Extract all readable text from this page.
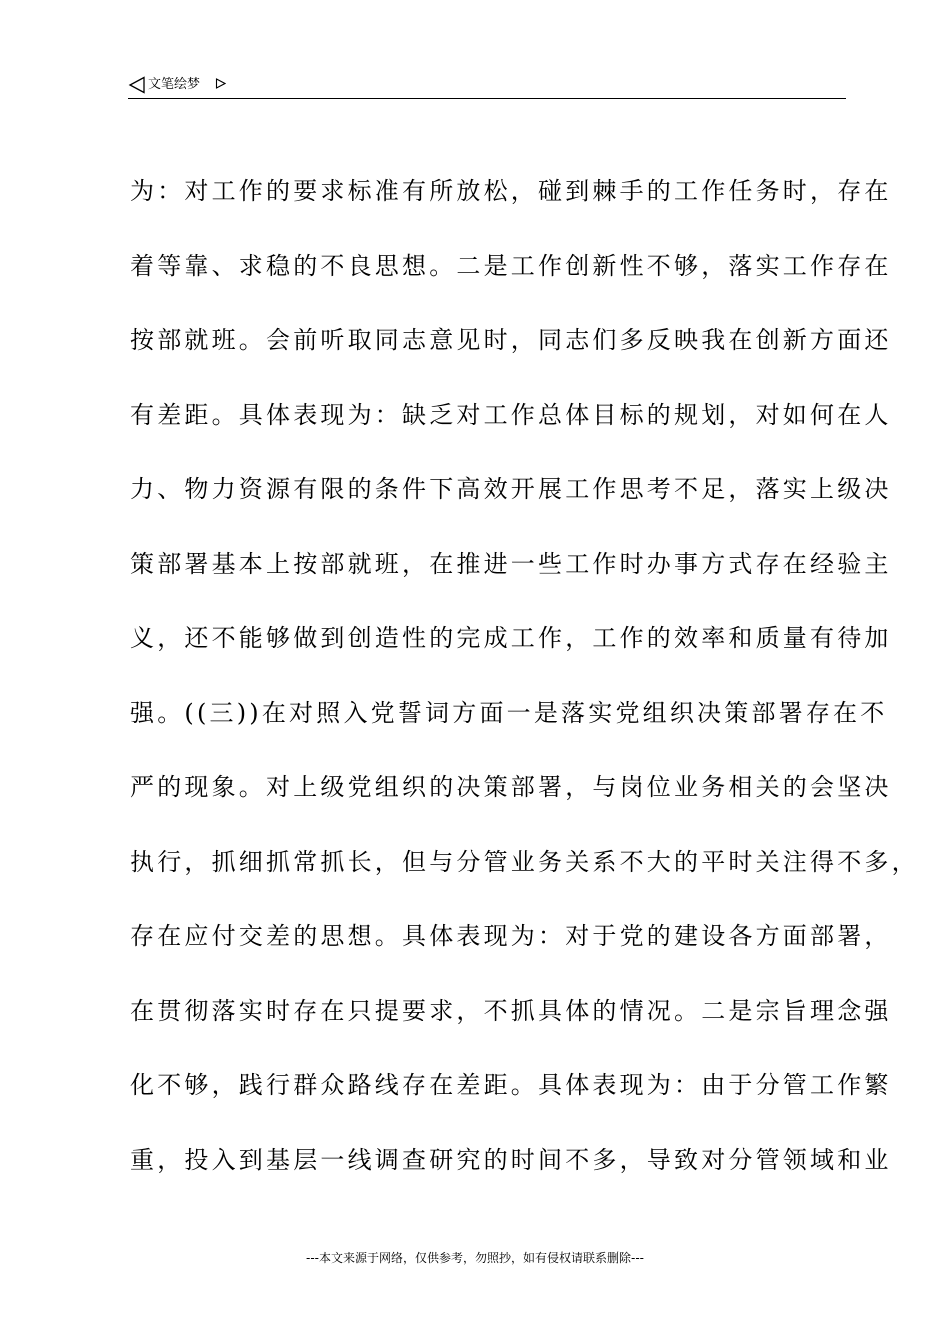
文笔绘梦
为：对工作的要求标准有所放松，碰到棘手的工作任务时，存在
着等靠、求稳的不良思想。二是工作创新性不够，落实工作存在
按部就班。会前听取同志意见时，同志们多反映我在创新方面还
有差距。具体表现为：缺乏对工作总体目标的规划，对如何在人
力、物力资源有限的条件下高效开展工作思考不足，落实上级决
策部署基本上按部就班，在推进一些工作时办事方式存在经验主
义，还不能够做到创造性的完成工作，工作的效率和质量有待加
强。((三))在对照入党誓词方面一是落实党组织决策部署存在不
严的现象。对上级党组织的决策部署，与岗位业务相关的会坚决
执行，抓细抓常抓长，但与分管业务关系不大的平时关注得不多，
存在应付交差的思想。具体表现为：对于党的建设各方面部署，
在贯彻落实时存在只提要求，不抓具体的情况。二是宗旨理念强
化不够，践行群众路线存在差距。具体表现为：由于分管工作繁
重，投入到基层一线调查研究的时间不多，导致对分管领域和业
---本文来源于网络，仅供参考，勿照抄，如有侵权请联系删除---
